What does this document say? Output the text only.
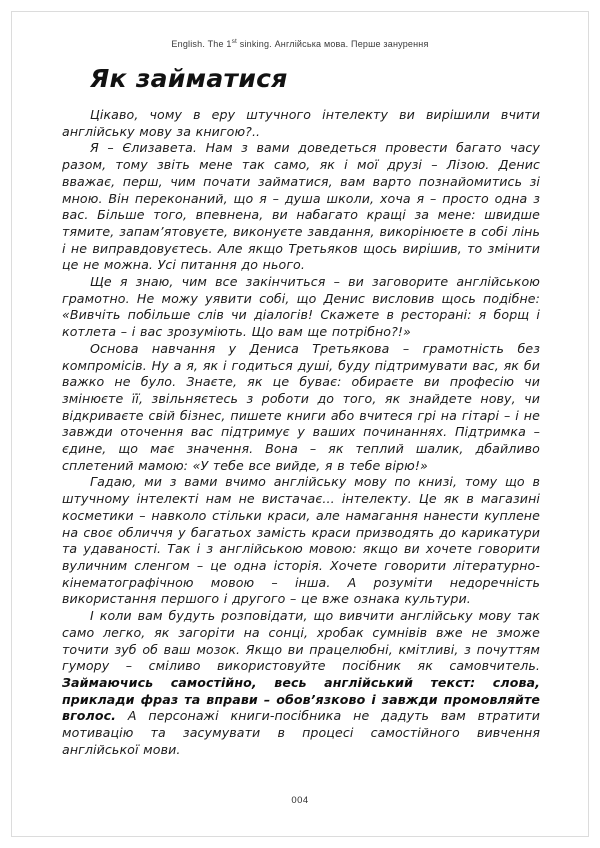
English. The 1st sinking. Англійська мова. Перше занурення
Як займатися

Цікаво, чому в еру штучного інтелекту ви вирішили вчити англійську мову за книгою?..

Я – Єлизавета. Нам з вами доведеться провести багато часу разом, тому звіть мене так само, як і мої друзі – Лізою. Денис вважає, перш, чим почати займатися, вам варто познайомитись зі мною. Він переконаний, що я – душа школи, хоча я – просто одна з вас. Більше того, впевнена, ви набагато кращі за мене: швидше тямите, запам’ятовуєте, виконуєте завдання, викорінюєте в собі лінь і не виправдовуєтесь. Але якщо Третьяков щось вирішив, то змінити це не можна. Усі питання до нього.

Ще я знаю, чим все закінчиться – ви заговорите англійською грамотно. Не можу уявити собі, що Денис висловив щось подібне: «Вивчіть побільше слів чи діалогів! Скажете в ресторані: я борщ і котлета – і вас зрозуміють. Що вам ще потрібно?!»

Основа навчання у Дениса Третьякова – грамотність без компромісів. Ну а я, як і годиться душі, буду підтримувати вас, як би важко не було. Знаєте, як це буває: обираєте ви професію чи змінюєте її, звільняєтесь з роботи до того, як знайдете нову, чи відкриваєте свій бізнес, пишете книги або вчитеся грі на гітарі – і не завжди оточення вас підтримує у ваших починаннях. Підтримка – єдине, що має значення. Вона – як теплий шалик, дбайливо сплетений мамою: «У тебе все вийде, я в тебе вірю!»

Гадаю, ми з вами вчимо англійську мову по книзі, тому що в штучному інтелекті нам не вистачає... інтелекту. Це як в магазині косметики – навколо стільки краси, але намагання нанести куплене на своє обличчя у багатьох замість краси призводять до карикатури та удаваності. Так і з англійською мовою: якщо ви хочете говорити вуличним сленгом – це одна історія. Хочете говорити літературно-кінематографічною мовою – інша. А розуміти недоречність використання першого і другого – це вже ознака культури.

І коли вам будуть розповідати, що вивчити англійську мову так само легко, як загоріти на сонці, хробак сумнівів вже не зможе точити зуб об ваш мозок. Якщо ви працелюбні, кмітливі, з почуттям гумору – сміливо використовуйте посібник як самовчитель. Займаючись самостійно, весь англійський текст: слова, приклади фраз та вправи – обов’язково і завжди промовляйте вголос. А персонажі книги-посібника не дадуть вам втратити мотивацію та засумувати в процесі самостійного вивчення англійської мови.

004
